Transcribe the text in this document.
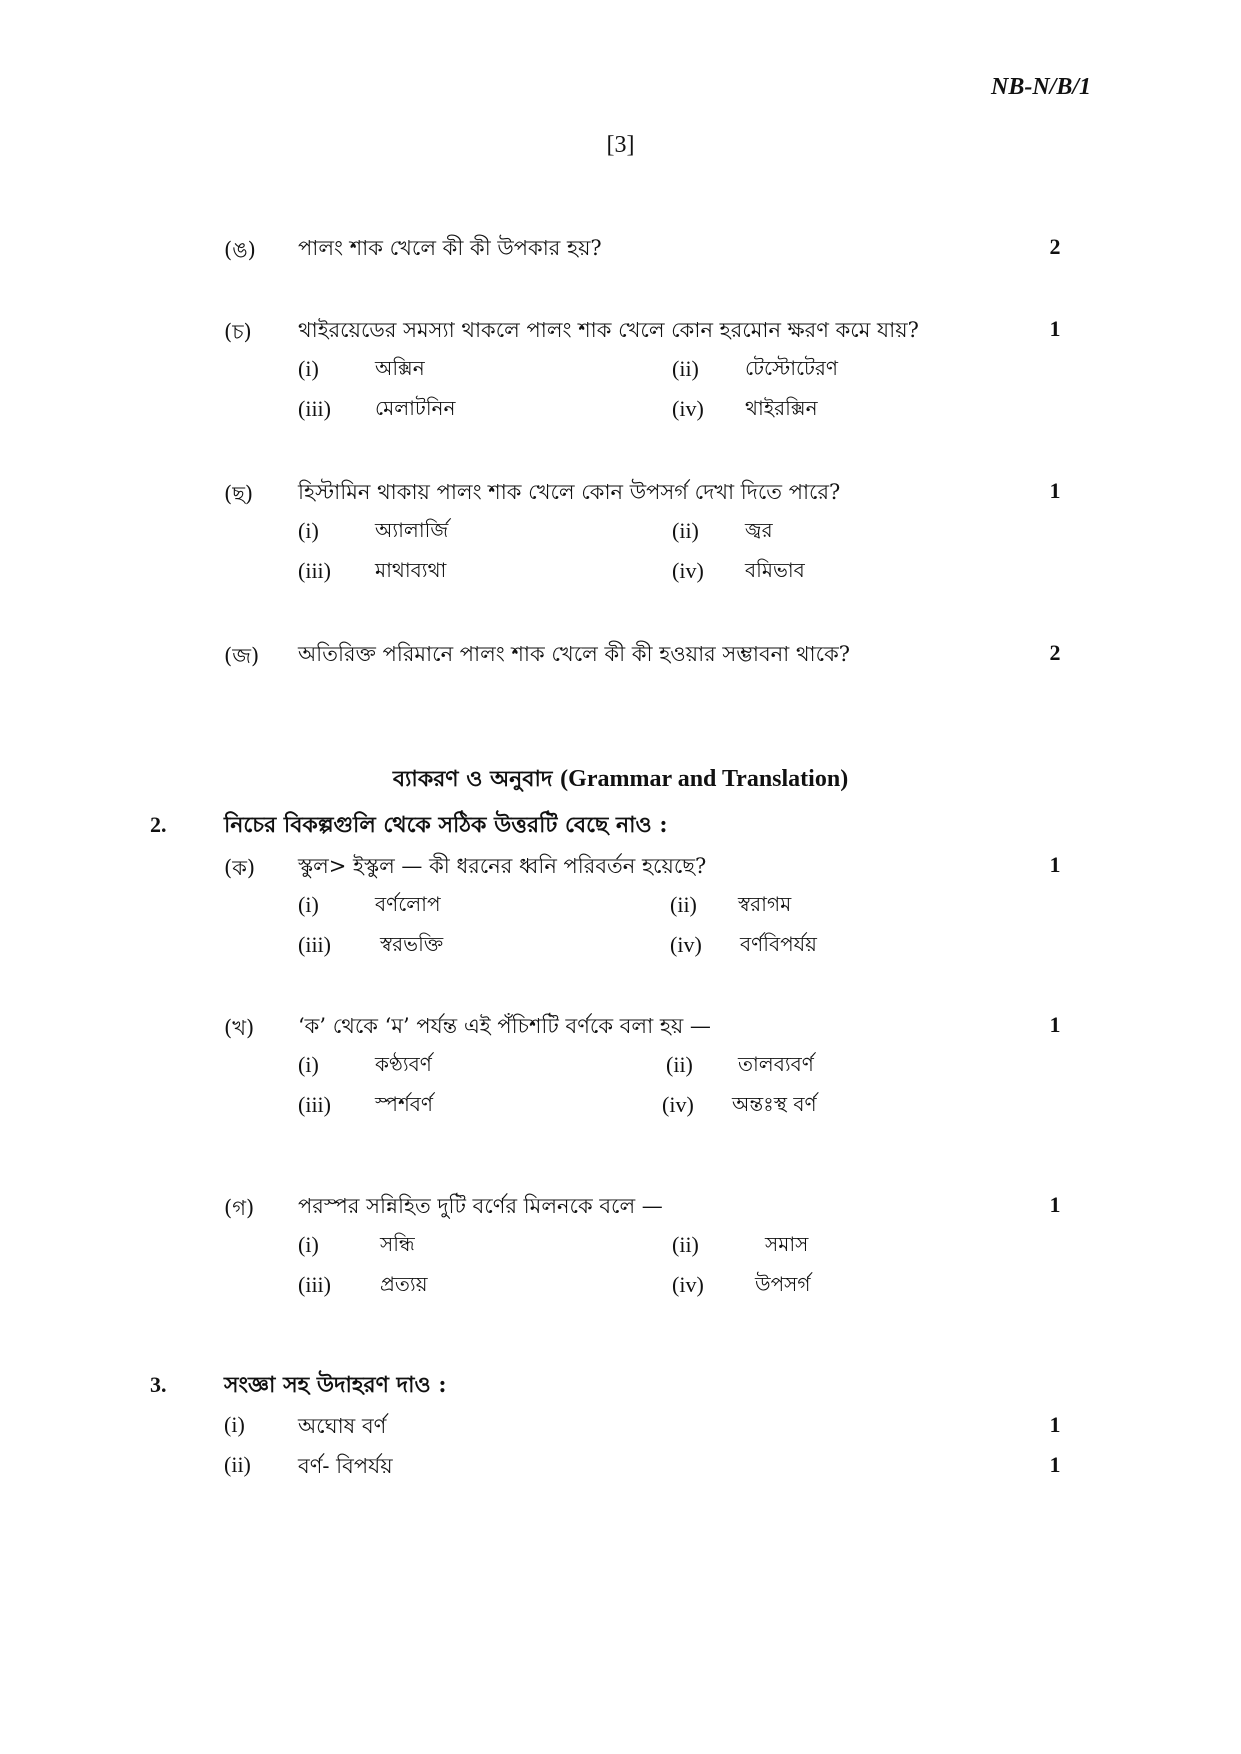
NB-N/B/1
[3]
(ঙ) পালং শাক খেলে কী কী উপকার হয়?	2
(চ) থাইরয়েডের সমস্যা থাকলে পালং শাক খেলে কোন হরমোন ক্ষরণ কমে যায়?	1
(i)	অক্সিন	(ii) টেস্টোটেরণ
(iii) মেলাটনিন	(iv) থাইরক্সিন
(ছ) হিস্টামিন থাকায় পালং শাক খেলে কোন উপসর্গ দেখা দিতে পারে?	1
(i)	অ্যালার্জি	(ii) জ্বর
(iii) মাথাব্যথা	(iv) বমিভাব
(জ) অতিরিক্ত পরিমানে পালং শাক খেলে কী কী হওয়ার সম্ভাবনা থাকে?	2
ব্যাকরণ ও অনুবাদ (Grammar and Translation)
2.	নিচের বিকল্পগুলি থেকে সঠিক উত্তরটি বেছে নাও :
(ক) স্কুল> ইস্কুল — কী ধরনের ধ্বনি পরিবর্তন হয়েছে?	1
(i)	বর্ণলোপ	(ii) স্বরাগম
(iii) স্বরভক্তি	(iv) বর্ণবিপর্যয়
(খ) ‘ক’ থেকে ‘ম’ পর্যন্ত এই পঁচিশটি বর্ণকে বলা হয় —	1
(i)	কণ্ঠ্যবর্ণ	(ii) তালব্যবর্ণ
(iii) স্পর্শবর্ণ	(iv) অন্তঃস্থ বর্ণ
(গ) পরস্পর সন্নিহিত দুটি বর্ণের মিলনকে বলে —	1
(i)	সন্ধি	(ii)	সমাস
(iii) প্রত্যয়	(iv)	উপসর্গ
3.	সংজ্ঞা সহ উদাহরণ দাও :
(i)	অঘোষ বর্ণ	1
(ii) বর্ণ- বিপর্যয়	1
